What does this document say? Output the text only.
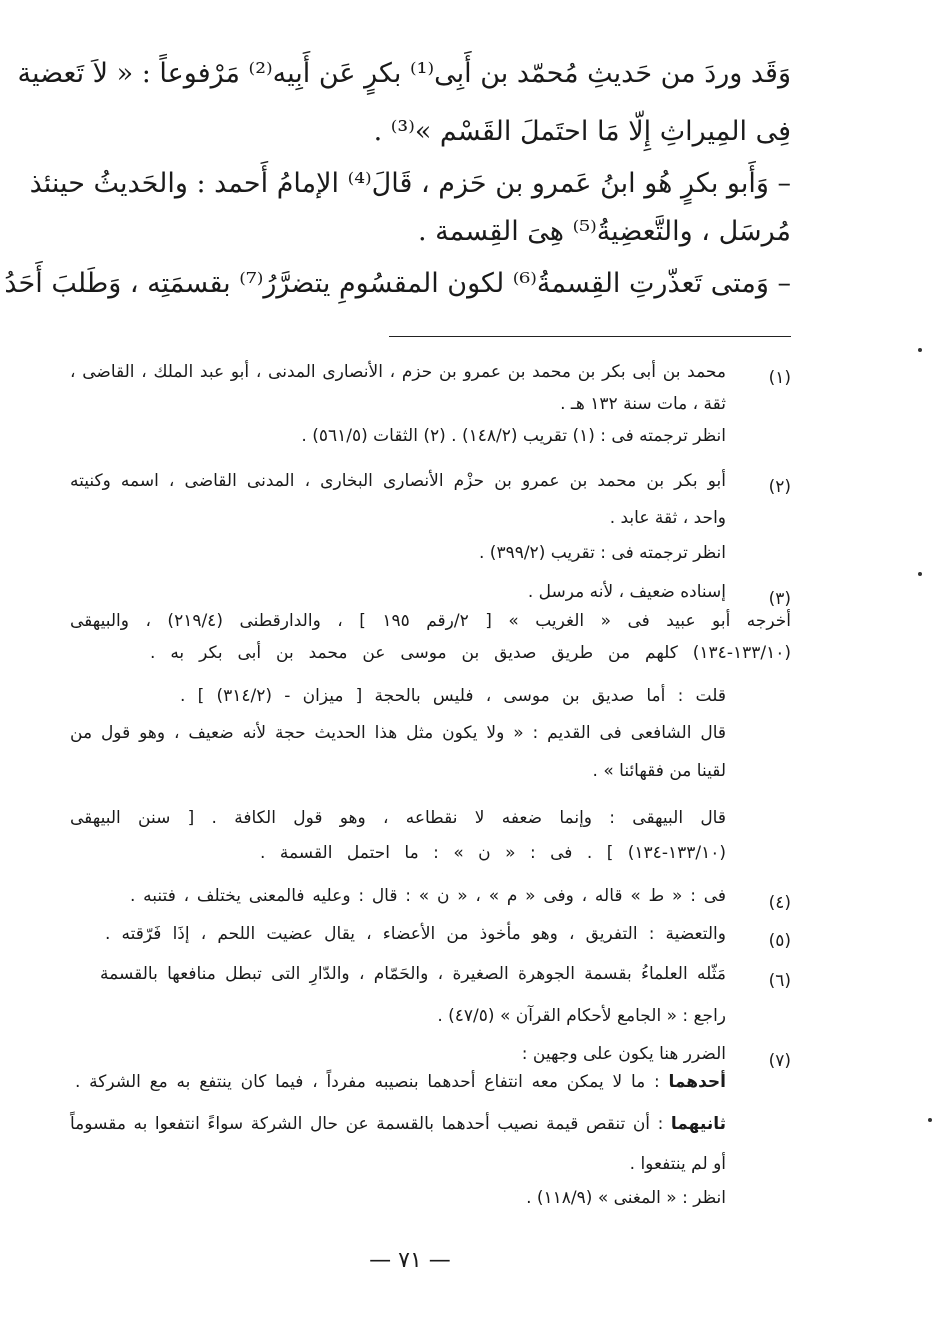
وَقَد وردَ من حَديثِ مُحمّد بن أَبِى⁽¹⁾ بكرٍ عَن أَبِيه⁽²⁾ مَرْفوعاً : « لاَ تَعضية
فِى المِيراثِ إِلّا مَا احتَملَ القَسْم »⁽³⁾ .
– وَأَبو بكرٍ هُو ابنُ عَمرو بن حَزم ، قَالَ⁽⁴⁾ الإمامُ أَحمد : والحَديثُ حينئذ
مُرسَل ، والتَّعضِيةُ⁽⁵⁾ هِىَ القِسمة .
– وَمتى تَعذّرتِ القِسمةُ⁽⁶⁾ لكون المقسُومِ يتضرَّرُ⁽⁷⁾ بقسمَتِه ، وَطَلبَ أَحَدُ
(١)
محمد بن أبى بكر بن محمد بن عمرو بن حزم ، الأنصارى المدنى ، أبو عبد الملك ، القاضى ،
ثقة ، مات سنة ١٣٢ هـ .
انظر ترجمته فى : (١) تقريب (١٤٨/٢) . (٢) الثقات (٥٦١/٥) .
(٢)
أبو بكر بن محمد بن عمرو بن حزْم الأنصارى البخارى ، المدنى القاضى ، اسمه وكنيته
واحد ، ثقة عابد .
انظر ترجمته فى : تقريب (٣٩٩/٢) .
(٣)
إسناده ضعيف ، لأنه مرسل .
أخرجه أبو عبيد فى « الغريب » [ ٢/رقم ١٩٥ ] ، والدارقطنى (٢١٩/٤) ، والبيهقى
(١٣٣/١٠-١٣٤) كلهم من طريق صديق بن موسى عن محمد بن أبى بكر به .
قلت : أما صديق بن موسى ، فليس بالحجة [ ميزان - (٣١٤/٢) ] .
قال الشافعى فى القديم : « ولا يكون مثل هذا الحديث حجة لأنه ضعيف ، وهو قول من
لقينا من فقهائنا » .
قال البيهقى : وإنما ضعفه لا نقطاعه ، وهو قول الكافة . [ سنن البيهقى
(١٣٣/١٠-١٣٤) ] . فى : « ن » : ما احتمل القسمة .
(٤)
فى : « ط » قاله ، وفى « م » ، « ن » : قال : وعليه فالمعنى يختلف ، فتنبه .
(٥)
والتعضية : التفريق ، وهو مأخوذ من الأعضاء ، يقال عضيت اللحم ، إذَا فَرّقته .
(٦)
مَثّله العلماءُ بقسمة الجوهرة الصغيرة ، والحَمّام ، والدّارِ التى تبطل منافعها بالقسمة
راجع : « الجامع لأحكام القرآن » (٤٧/٥) .
(٧)
الضرر هنا يكون على وجهين :
أحدهما : ما لا يمكن معه انتفاع أحدهما بنصيبه مفرداً ، فيما كان ينتفع به مع الشركة .
ثانيهما : أن تنقص قيمة نصيب أحدهما بالقسمة عن حال الشركة سواءً انتفعوا به مقسوماً
أو لم ينتفعوا .
انظر : « المغنى » (١١٨/٩) .
— ٧١ —
